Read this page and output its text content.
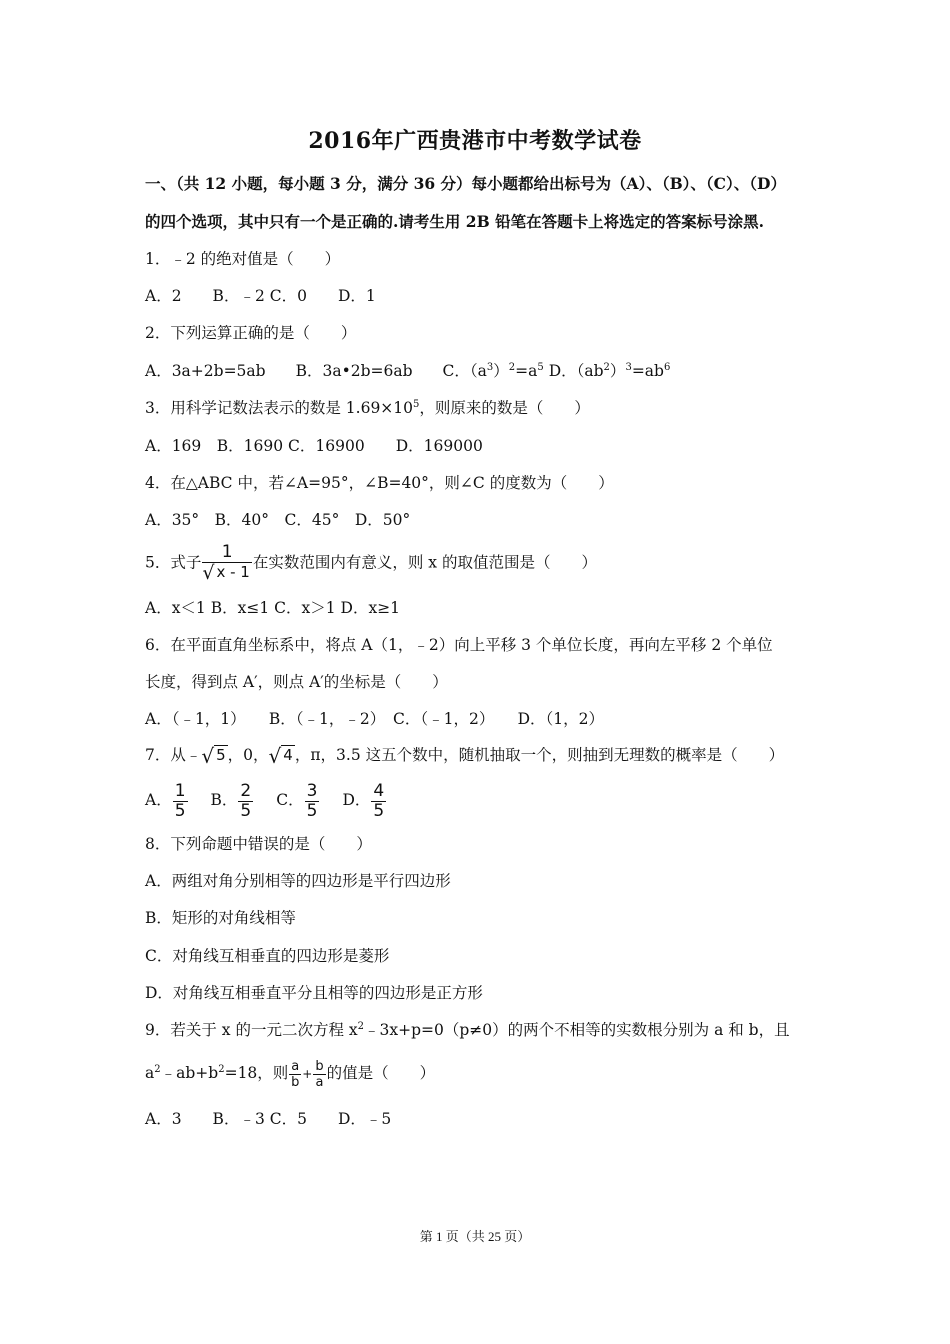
2016年广西贵港市中考数学试卷
一、（共 12 小题，每小题 3 分，满分 36 分）每小题都给出标号为（A）、（B）、（C）、（D）
的四个选项，其中只有一个是正确的.请考生用 2B 铅笔在答题卡上将选定的答案标号涂黑.
1．﹣2 的绝对值是（　　）
A．2　　B．﹣2 C．0　　D．1
2．下列运算正确的是（　　）
A．3a+2b=5ab B．3a•2b=6ab C．$(a^3)^2=a^5$ D．$(ab^2)^3=ab^6$
3．用科学记数法表示的数是 $1.69\times 10^5$，则原来的数是（　　）
A．169　B．1690 C．16900　　D．169000
4．在△ABC 中，若∠A=95°，∠B=40°，则∠C 的度数为（　　）
A．35°　B．40°　C．45°　D．50°
5．式子 $\frac{1}{√ x - 1}$ 在实数范围内有意义，则 x 的取值范围是（　　）
A．x＜1 B．x≤1 C．x＞1 D．x≥1
6．在平面直角坐标系中，将点 A（1，﹣2）向上平移 3 个单位长度，再向左平移 2 个单位
长度，得到点 A′，则点 A′的坐标是（　　）
A．（﹣1，1）　　B．（﹣1，﹣2）　C．（﹣1，2）　　D．（1，2）
7．从﹣√ 5 ，0，√ 4 ，π，3.5 这五个数中，随机抽取一个，则抽到无理数的概率是（　　）
A． $\frac{1}{5}$ B． $\frac{2}{5}$ C． $\frac{3}{5}$ D． $\frac{4}{5}$
8．下列命题中错误的是（　　）
A．两组对角分别相等的四边形是平行四边形
B．矩形的对角线相等
C．对角线互相垂直的四边形是菱形
D．对角线互相垂直平分且相等的四边形是正方形
9．若关于 x 的一元二次方程 $x^2﹣3x+p=0(p\ne 0)$的两个不相等的实数根分别为 a 和 b，且
$a^2﹣ab+b^2=18$，则 $\frac{a}{b} + \frac{b}{a}$ 的值是（　　）
A．3　　B．﹣3 C．5　　D．﹣5
第 1 页（共 25 页）
